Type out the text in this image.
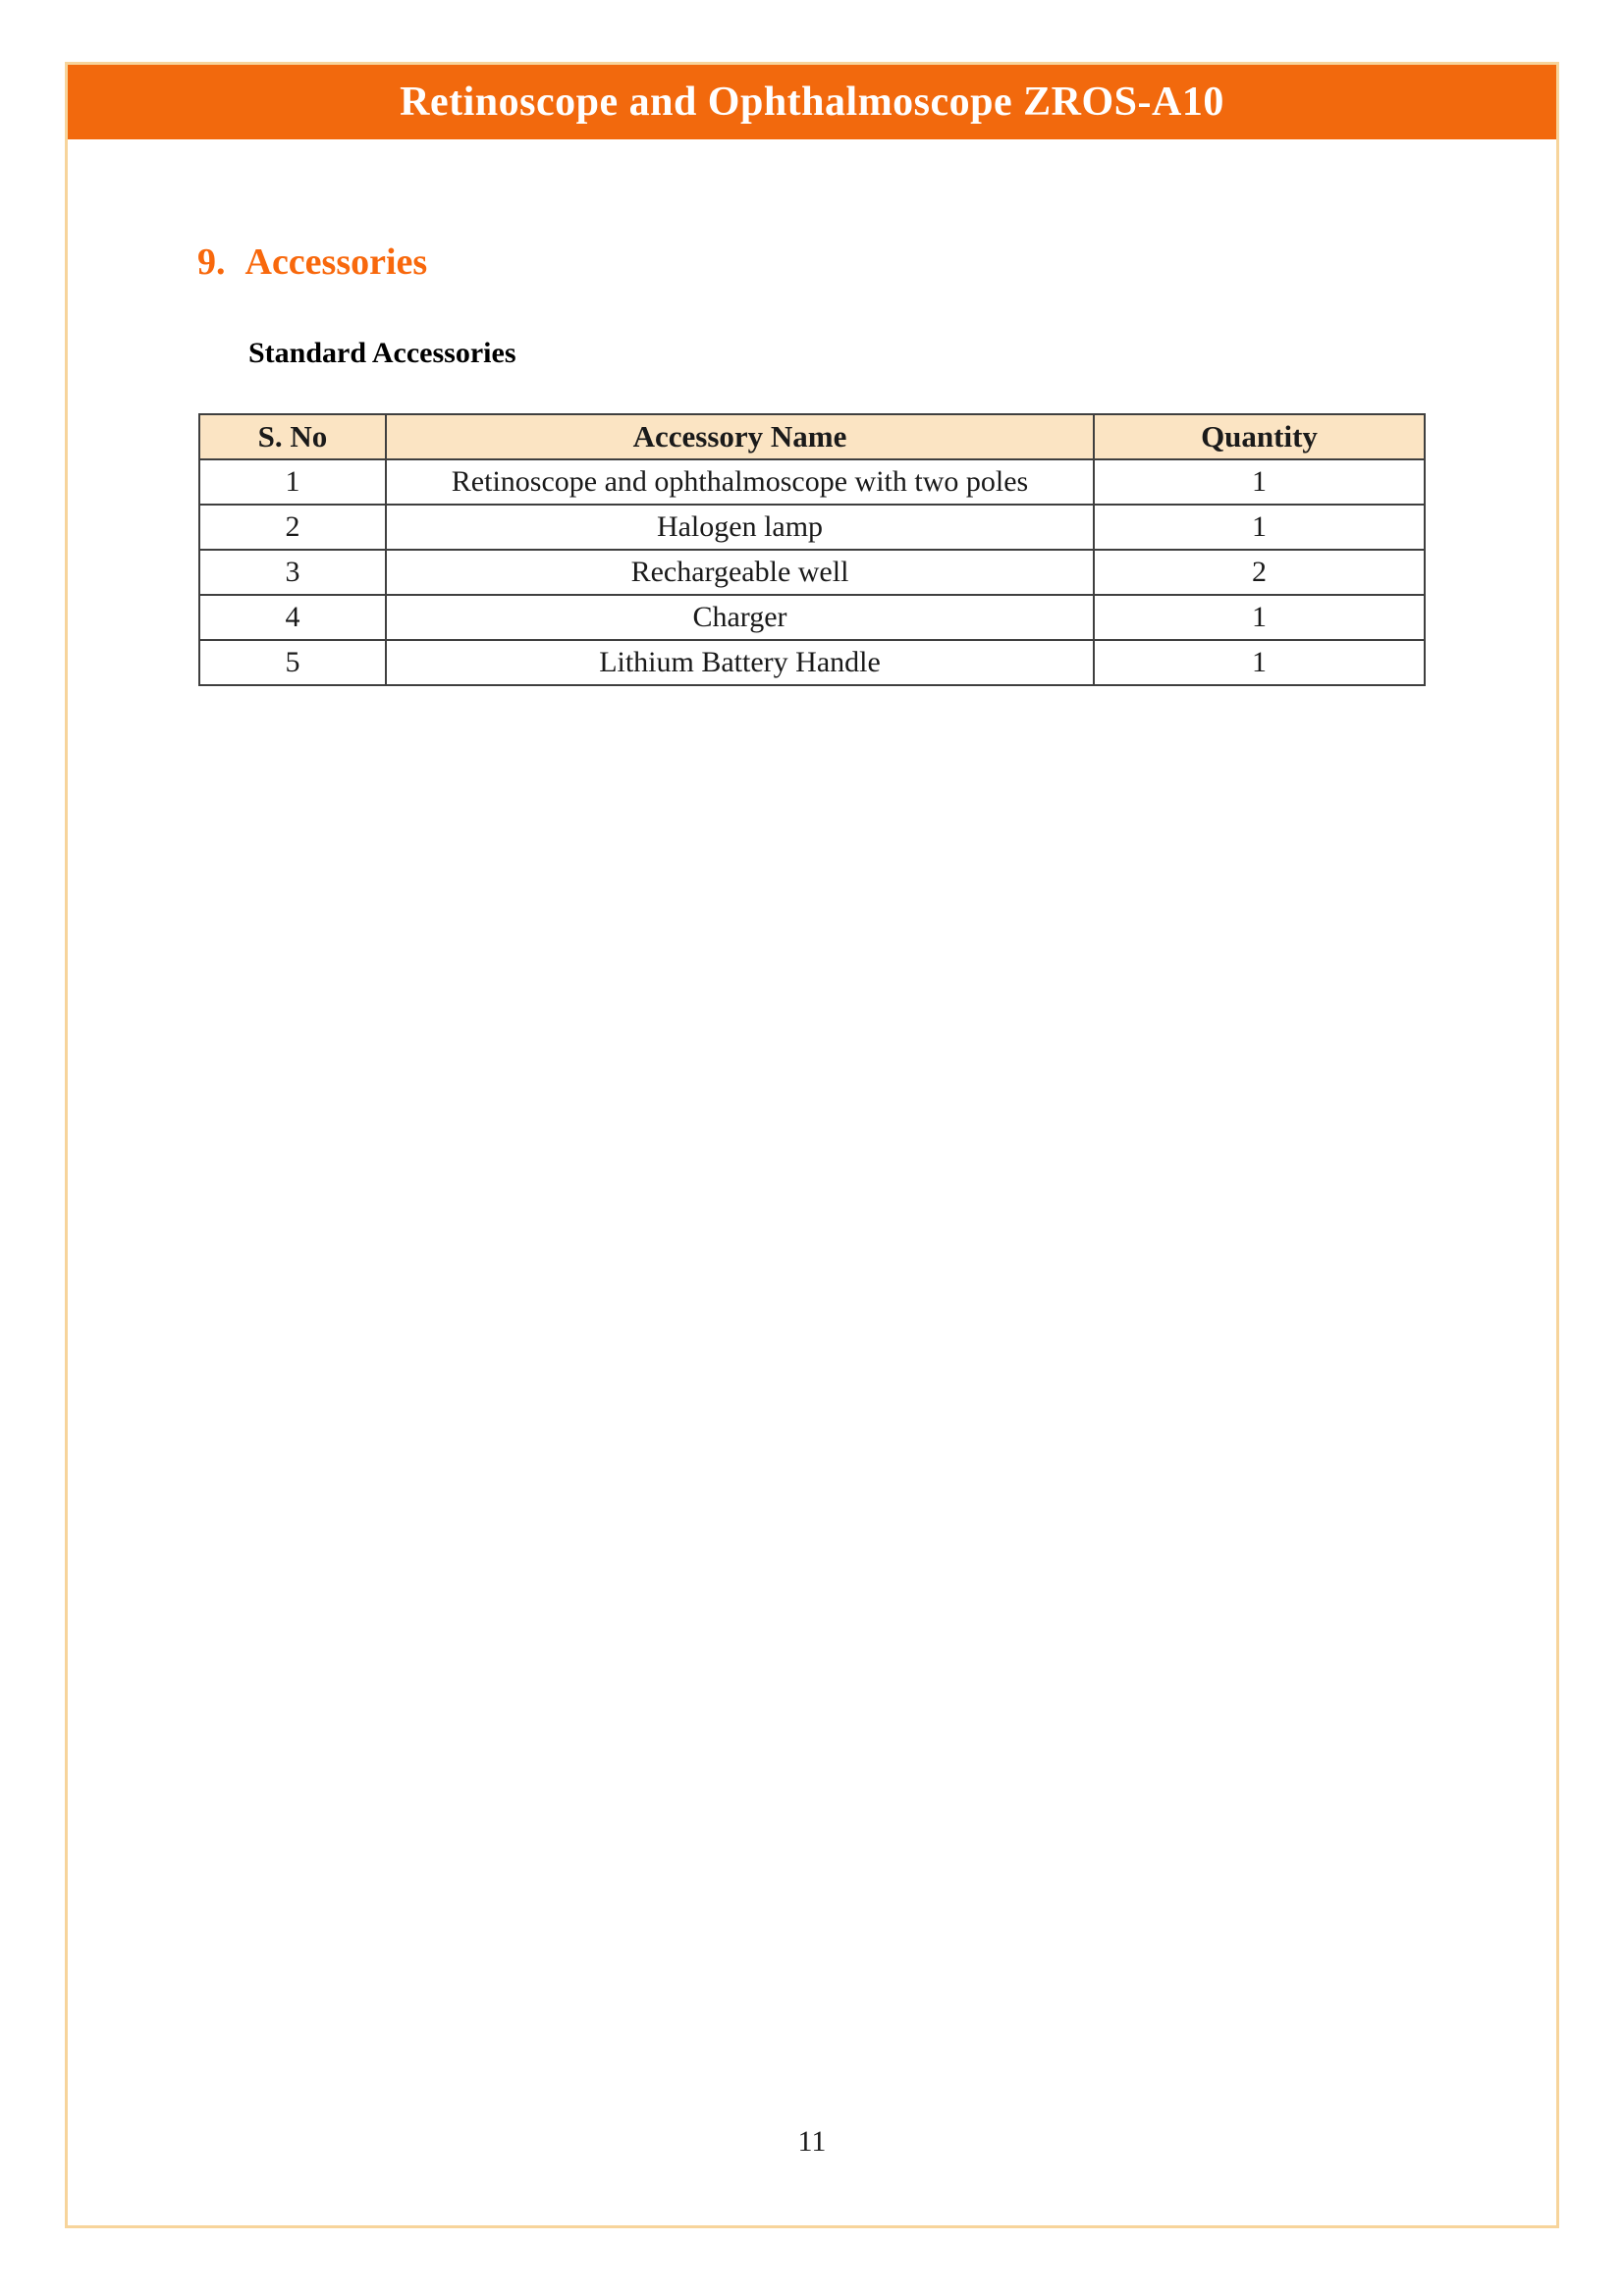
Retinoscope and Ophthalmoscope ZROS-A10
9. Accessories
Standard Accessories
S. No	Accessory Name	Quantity
1	Retinoscope and ophthalmoscope with two poles	1
2	Halogen lamp	1
3	Rechargeable well	2
4	Charger	1
5	Lithium Battery Handle	1
11
